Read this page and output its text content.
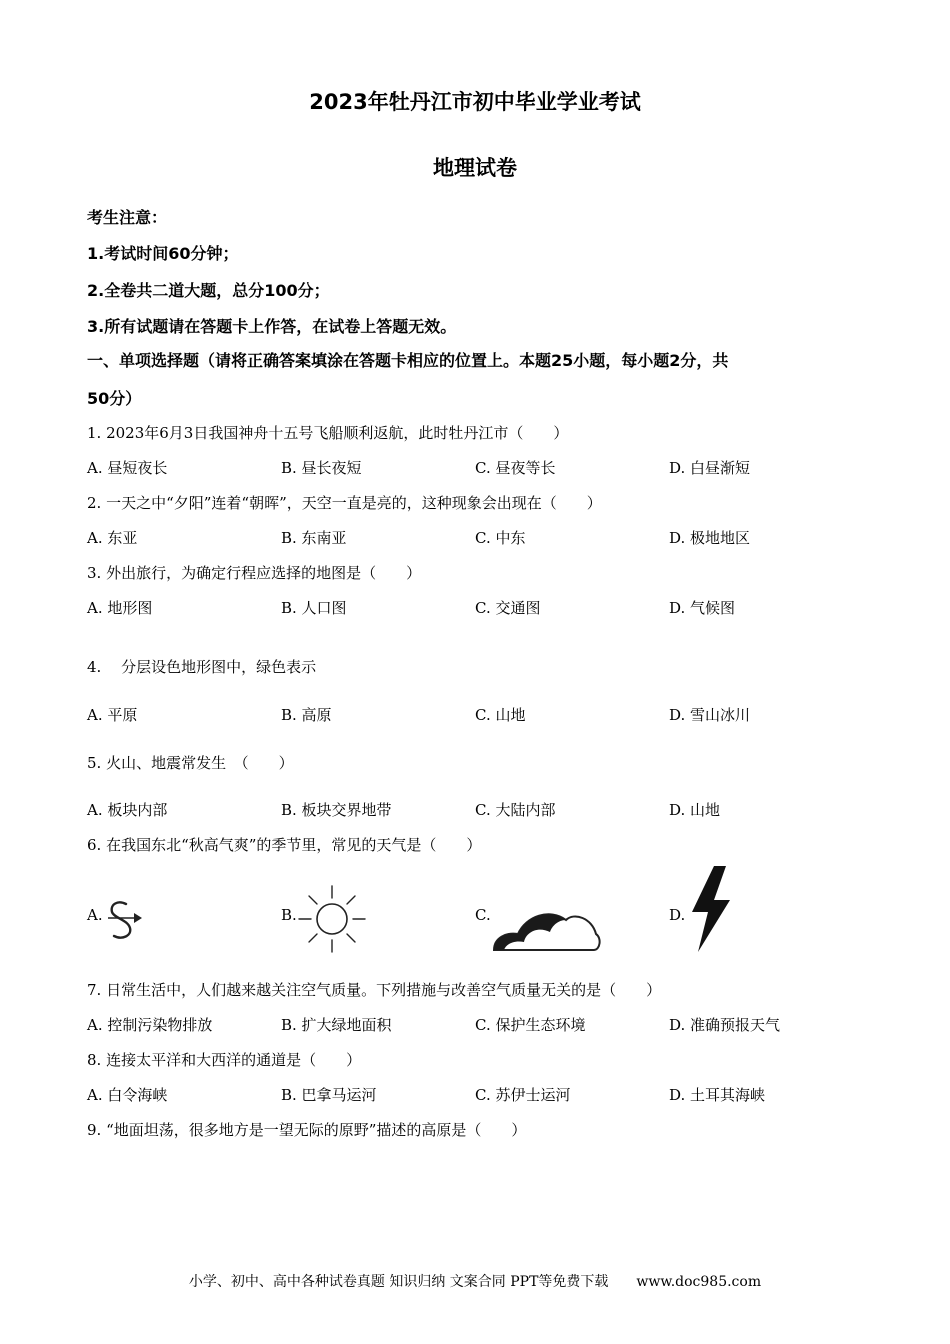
2023年牡丹江市初中毕业学业考试
地理试卷
考生注意：
1.考试时间60分钟；
2.全卷共二道大题，总分100分；
3.所有试题请在答题卡上作答，在试卷上答题无效。
一、单项选择题（请将正确答案填涂在答题卡相应的位置上。本题25小题，每小题2分，共
50分）
1. 2023年6月3日我国神舟十五号飞船顺利返航，此时牡丹江市（　　）
A. 昼短夜长	B. 昼长夜短	C. 昼夜等长	D. 白昼渐短
2. 一天之中“夕阳”连着“朝晖”，天空一直是亮的，这种现象会出现在（　　）
A. 东亚	B. 东南亚	C. 中东	D. 极地地区
3. 外出旅行，为确定行程应选择的地图是（　　）
A. 地形图	B. 人口图	C. 交通图	D. 气候图
4.　 分层设色地形图中，绿色表示
A. 平原	B. 高原	C. 山地	D. 雪山冰川
5. 火山、地震常发生　（　　）
A. 板块内部	B. 板块交界地带	C. 大陆内部	D. 山地
6. 在我国东北“秋高气爽”的季节里，常见的天气是（　　）
A.	B.	C.	D.
7. 日常生活中，人们越来越关注空气质量。下列措施与改善空气质量无关的是（　　）
A. 控制污染物排放	B. 扩大绿地面积	C. 保护生态环境	D. 准确预报天气
8. 连接太平洋和大西洋的通道是（　　）
A. 白令海峡	B. 巴拿马运河	C. 苏伊士运河	D. 土耳其海峡
9. “地面坦荡，很多地方是一望无际的原野”描述的高原是（　　）
小学、初中、高中各种试卷真题 知识归纳 文案合同 PPT等免费下载　　www.doc985.com
